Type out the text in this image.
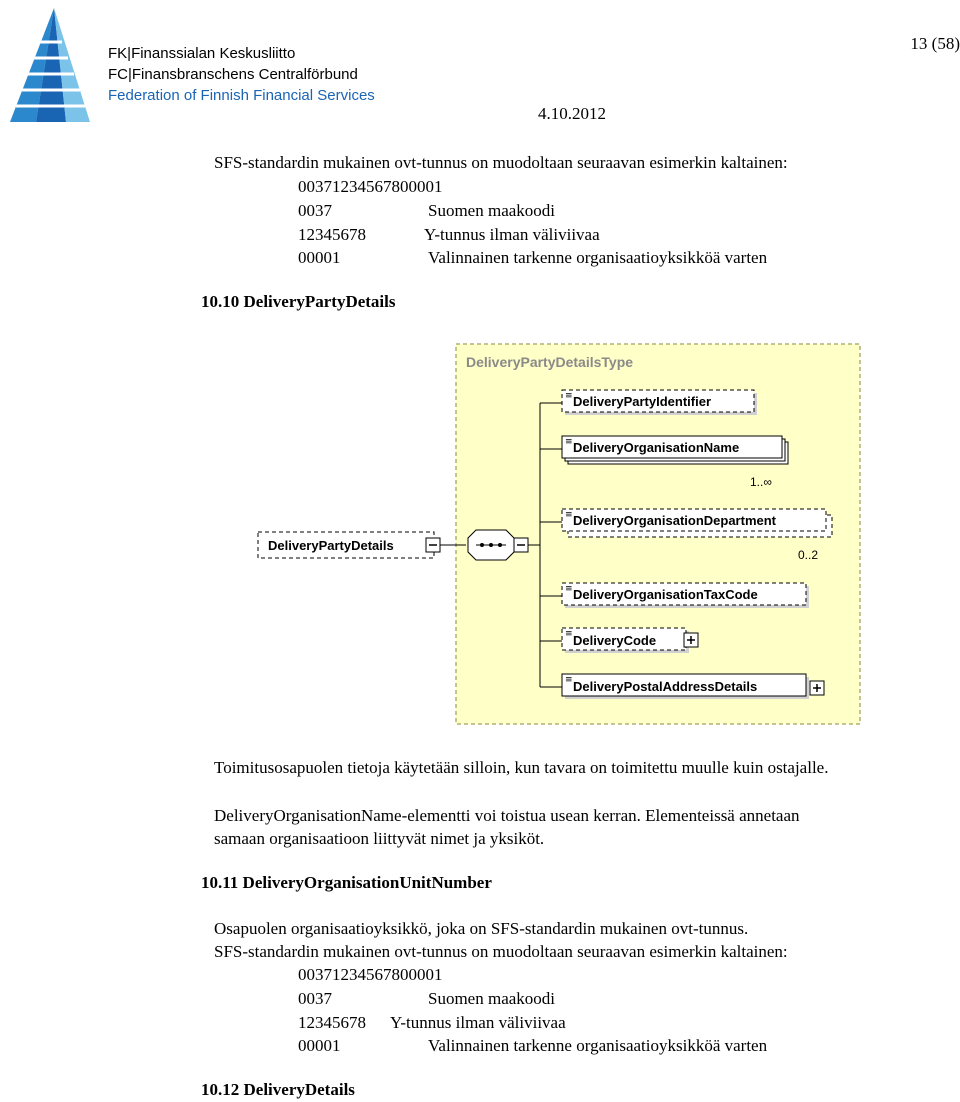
FK|Finanssialan Keskusliitto
FC|Finansbranschens Centralförbund
Federation of Finnish Financial Services
13 (58)
4.10.2012
SFS-standardin mukainen ovt-tunnus on muodoltaan seuraavan esimerkin kaltainen:
00371234567800001
0037	Suomen maakoodi
12345678	Y-tunnus ilman väliviivaa
00001	Valinnainen tarkenne organisaatioyksikköä varten
10.10 DeliveryPartyDetails
DeliveryPartyDetailsType
DeliveryPartyDetails
≡ DeliveryPartyIdentifier
≡ DeliveryOrganisationName
1..∞
≡ DeliveryOrganisationDepartment
0..2
≡ DeliveryOrganisationTaxCode
≡ DeliveryCode
≡ DeliveryPostalAddressDetails
Toimitusosapuolen tietoja käytetään silloin, kun tavara on toimitettu muulle kuin ostajalle.
DeliveryOrganisationName-elementti voi toistua usean kerran. Elementeissä annetaan
samaan organisaatioon liittyvät nimet ja yksiköt.
10.11 DeliveryOrganisationUnitNumber
Osapuolen organisaatioyksikkö, joka on SFS-standardin mukainen ovt-tunnus.
SFS-standardin mukainen ovt-tunnus on muodoltaan seuraavan esimerkin kaltainen:
00371234567800001
0037	Suomen maakoodi
12345678 Y-tunnus ilman väliviivaa
00001	Valinnainen tarkenne organisaatioyksikköä varten
10.12 DeliveryDetails
